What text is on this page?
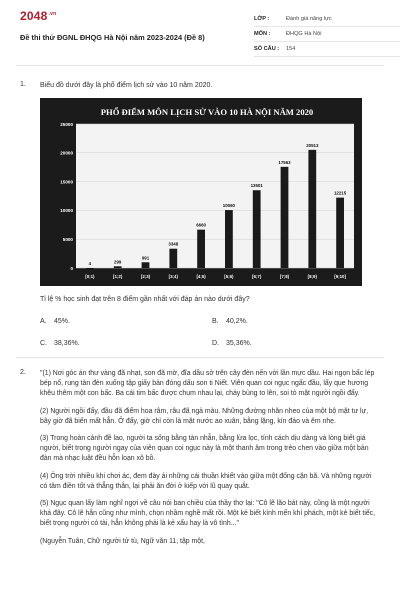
$2048^{.vn}$
Đề thi thử ĐGNL ĐHQG Hà Nội năm 2023-2024 (Đề 8)
LỚP :	Đánh giá năng lực
MÔN :	ĐHQG Hà Nội
SỐ CÂU :	154
1. Biểu đồ dưới đây là phổ điểm lịch sử vào 10 năm 2020.
PHỔ ĐIỂM MÔN LỊCH SỬ VÀO 10 HÀ NỘI NĂM 2020
25000
20000
15000
10000
5000
0
4
[0;1)
299
[1;2)
991
[2;3)
3348
[3;4)
6660
[4;5)
10060
[5;6)
13501
[6;7)
17563
[7;8)
20513
[8;9)
12215
[9;10]
Tỉ lệ % học sinh đạt trên 8 điểm gần nhất với đáp án nào dưới đây?
A.	45%.	B.	40,2%.
C.	38,36%.	D.	35,36%.
2. "(1) Nơi góc án thư vàng đã nhạt, son đã mờ, đĩa dầu sở trên cây đèn nến với lần mực dầu. Hai ngọn bấc lép bép nổ, rung tàn đèn xuống tập giấy bản đóng dấu son ti Niết. Viên quan coi ngục ngấc đầu, lấy que hương khêu thêm một con bấc. Ba cái tim bấc được chụm nhau lại, cháy bùng to lên, soi tỏ mặt người ngồi đấy.

(2) Người ngồi đấy, đầu đã điểm hoa râm, râu đã ngả màu. Những đường nhăn nheo của một bộ mặt tư lự, bây giờ đã biến mất hẳn. Ở đấy, giờ chỉ còn là mặt nước ao xuân, bằng lặng, kín đáo và êm nhẹ.

(3) Trong hoàn cảnh đề lao, người ta sống bằng tàn nhẫn, bằng lừa lọc, tính cách dịu dàng và lòng biết giá người, biết trọng người ngay của viên quan coi ngục này là một thanh âm trong trẻo chen vào giữa một bản đàn mà nhạc luật đều hỗn loạn xô bồ.

(4) Ông trời nhiều khi chơi ác, đem đày ải những cái thuần khiết vào giữa một đống cặn bã. Và những người có tâm điền tốt và thẳng thắn, lại phải ăn đời ở kiếp với lũ quay quắt.

(5) Ngục quan lấy làm nghĩ ngợi về câu nói ban chiều của thầy thơ lại: "Cô lẽ lão bát này, cũng là một người khá đây. Cô lẽ hắn cũng như mình, chọn nhầm nghề mất rồi. Một kẻ biết kính mến khí phách, một kẻ biết tiếc, biết trọng người có tài, hẳn không phải là kẻ xấu hay là vô tình..."

(Nguyễn Tuân, Chữ người tử tù, Ngữ văn 11, tập một,
